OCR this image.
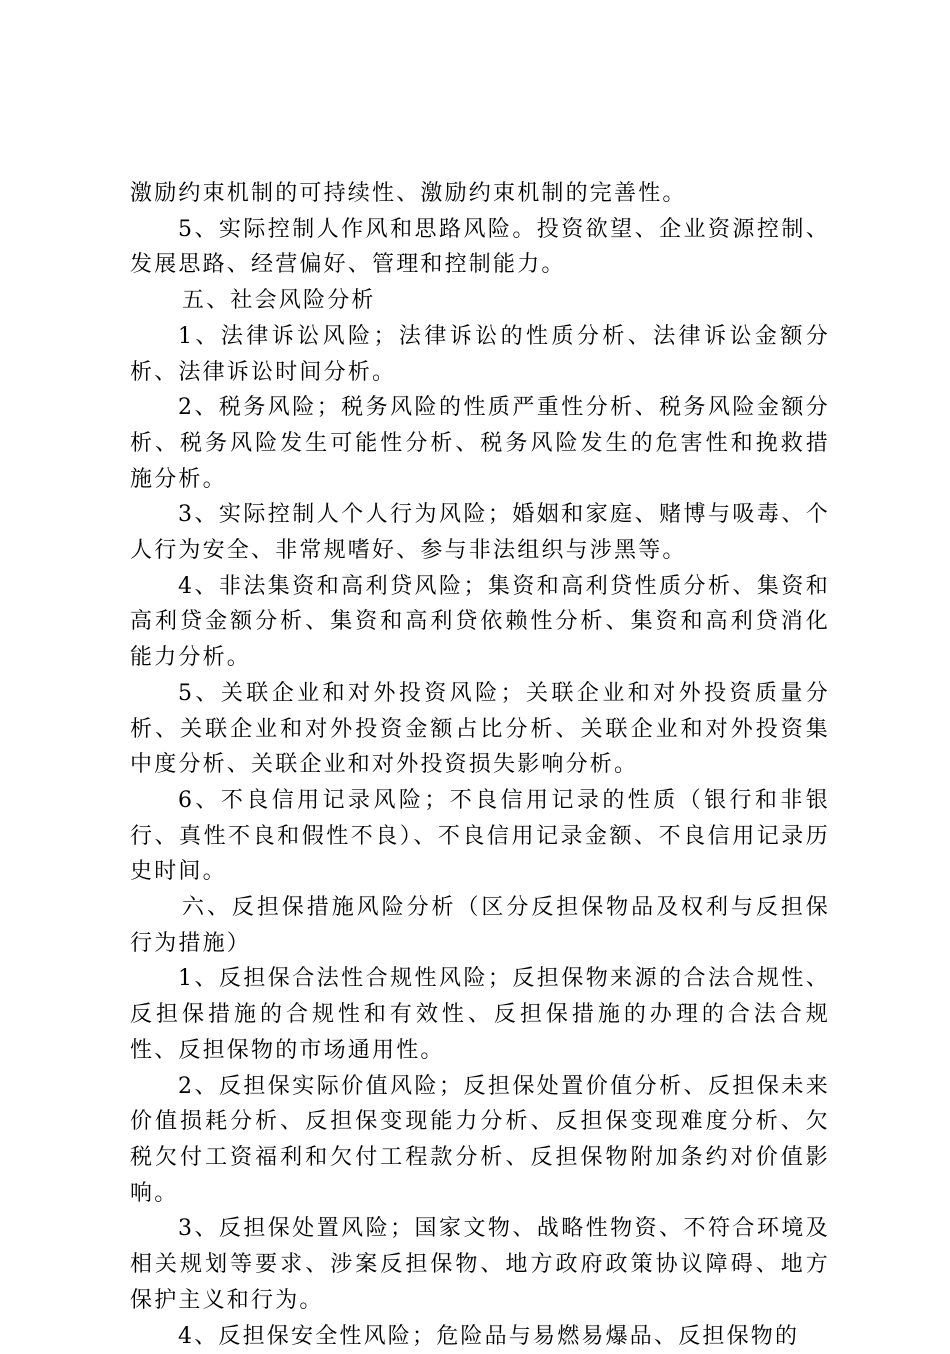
激励约束机制的可持续性、激励约束机制的完善性。

5、实际控制人作风和思路风险。投资欲望、企业资源控制、发展思路、经营偏好、管理和控制能力。

五、社会风险分析

1、法律诉讼风险；法律诉讼的性质分析、法律诉讼金额分析、法律诉讼时间分析。

2、税务风险；税务风险的性质严重性分析、税务风险金额分析、税务风险发生可能性分析、税务风险发生的危害性和挽救措施分析。

3、实际控制人个人行为风险；婚姻和家庭、赌博与吸毒、个人行为安全、非常规嗜好、参与非法组织与涉黑等。

4、非法集资和高利贷风险；集资和高利贷性质分析、集资和高利贷金额分析、集资和高利贷依赖性分析、集资和高利贷消化能力分析。

5、关联企业和对外投资风险；关联企业和对外投资质量分析、关联企业和对外投资金额占比分析、关联企业和对外投资集中度分析、关联企业和对外投资损失影响分析。

6、不良信用记录风险；不良信用记录的性质（银行和非银行、真性不良和假性不良）、不良信用记录金额、不良信用记录历史时间。

六、反担保措施风险分析（区分反担保物品及权利与反担保行为措施）

1、反担保合法性合规性风险；反担保物来源的合法合规性、反担保措施的合规性和有效性、反担保措施的办理的合法合规性、反担保物的市场通用性。

2、反担保实际价值风险；反担保处置价值分析、反担保未来价值损耗分析、反担保变现能力分析、反担保变现难度分析、欠税欠付工资福利和欠付工程款分析、反担保物附加条约对价值影响。

3、反担保处置风险；国家文物、战略性物资、不符合环境及相关规划等要求、涉案反担保物、地方政府政策协议障碍、地方保护主义和行为。

4、反担保安全性风险；危险品与易燃易爆品、反担保物的
